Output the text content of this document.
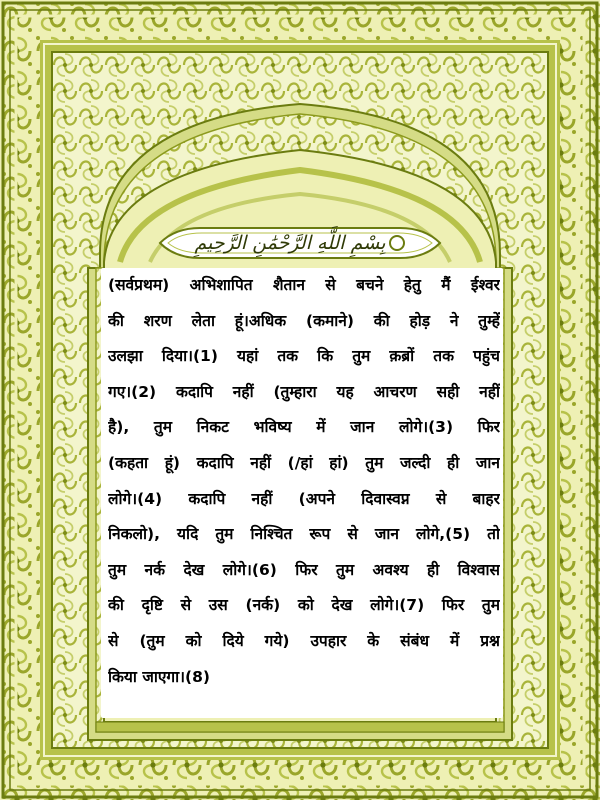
بِسْمِ اللَّهِ الرَّحْمَٰنِ الرَّحِيمِ
(सर्वप्रथम) अभिशापित शैतान से बचने हेतु मैं ईश्वर
की शरण लेता हूं।अधिक (कमाने) की होड़ ने तुम्हें
उलझा दिया।(1) यहां तक कि तुम क़ब्रों तक पहुंच
गए।(2) कदापि नहीं (तुम्हारा यह आचरण सही नहीं
है), तुम निकट भविष्य में जान लोगे।(3) फिर
(कहता हूं) कदापि नहीं (/हां हां) तुम जल्दी ही जान
लोगे।(4) कदापि नहीं (अपने दिवास्वप्न से बाहर
निकलो), यदि तुम निश्चित रूप से जान लोगे,(5) तो
तुम नर्क देख लोगे।(6) फिर तुम अवश्य ही विश्वास
की दृष्टि से उस (नर्क) को देख लोगे।(7) फिर तुम
से (तुम को दिये गये) उपहार के संबंध में प्रश्न
किया जाएगा।(8)
